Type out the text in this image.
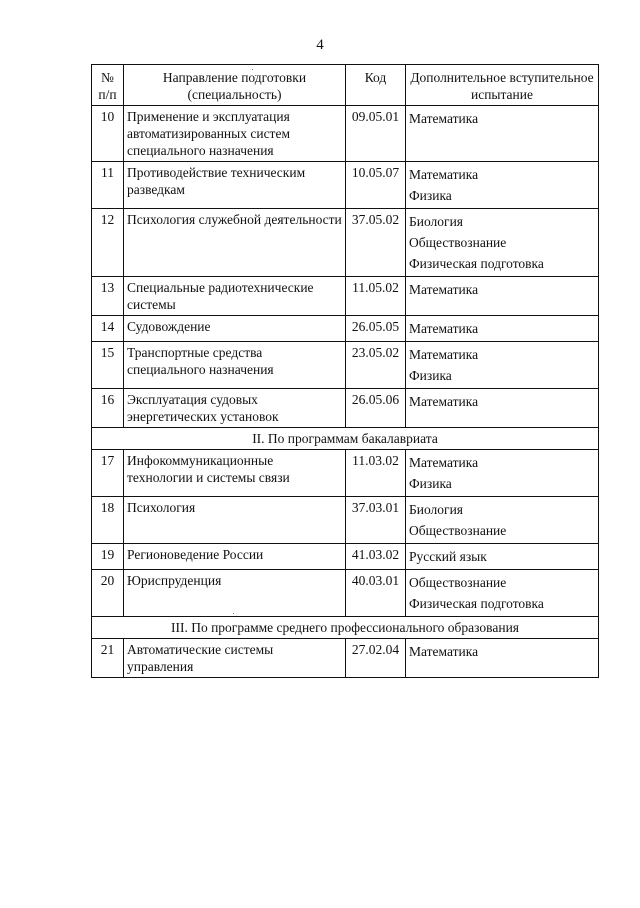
4
№ п/п	Направление подготовки (специальность)	Код	Дополнительное вступительное испытание
10	Применение и эксплуатация автоматизированных систем специального назначения	09.05.01	Математика

11	Противодействие техническим разведкам	10.05.07	Математика
Физика

12	Психология служебной деятельности	37.05.02	Биология
Обществознание
Физическая подготовка

13	Специальные радиотехнические системы	11.05.02	Математика

14	Судовождение	26.05.05	Математика

15	Транспортные средства специального назначения	23.05.02	Математика
Физика

16	Эксплуатация судовых энергетических установок	26.05.06	Математика

II. По программам бакалавриата			
17	Инфокоммуникационные технологии и системы связи	11.03.02	Математика
Физика

18	Психология	37.03.01	Биология
Обществознание

19	Регионоведение России	41.03.02	Русский язык

20	Юриспруденция	40.03.01	Обществознание
Физическая подготовка

III. По программе среднего профессионального образования			
21	Автоматические системы управления	27.02.04	Математика
